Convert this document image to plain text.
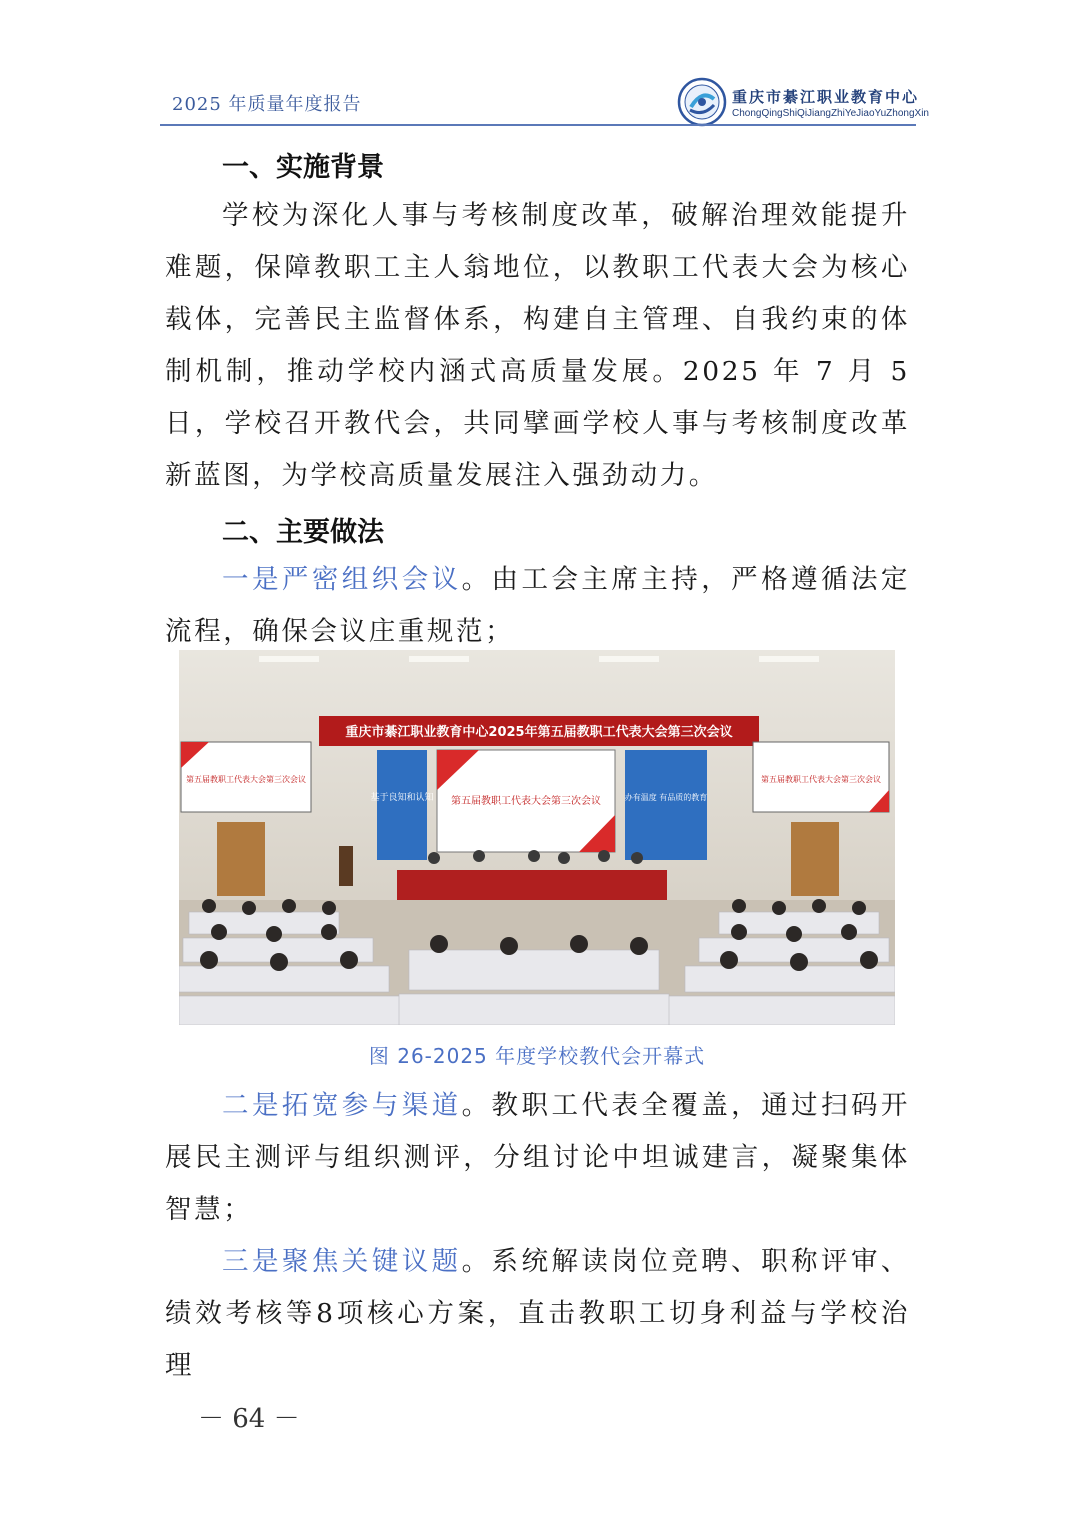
2025 年质量年度报告	重庆市綦江职业教育中心
ChongQingShiQiJiangZhiYeJiaoYuZhongXin
一、实施背景
学校为深化人事与考核制度改革，破解治理效能提升难题，保障教职工主人翁地位，以教职工代表大会为核心载体，完善民主监督体系，构建自主管理、自我约束的体制机制，推动学校内涵式高质量发展。2025 年 7 月 5 日，学校召开教代会，共同擘画学校人事与考核制度改革新蓝图，为学校高质量发展注入强劲动力。
二、主要做法
一是严密组织会议。由工会主席主持，严格遵循法定流程，确保会议庄重规范；
重庆市綦江职业教育中心2025年第五届教职工代表大会第三次会议
第五届教职工代表大会第三次会议
第五届教职工代表大会第三次会议	第五届教职工代表大会第三次会议
基于良知和认知	办有温度 有品质的教育
图 26-2025 年度学校教代会开幕式
二是拓宽参与渠道。教职工代表全覆盖，通过扫码开展民主测评与组织测评，分组讨论中坦诚建言，凝聚集体智慧；
三是聚焦关键议题。系统解读岗位竞聘、职称评审、绩效考核等8项核心方案，直击教职工切身利益与学校治理
－ 64 －
